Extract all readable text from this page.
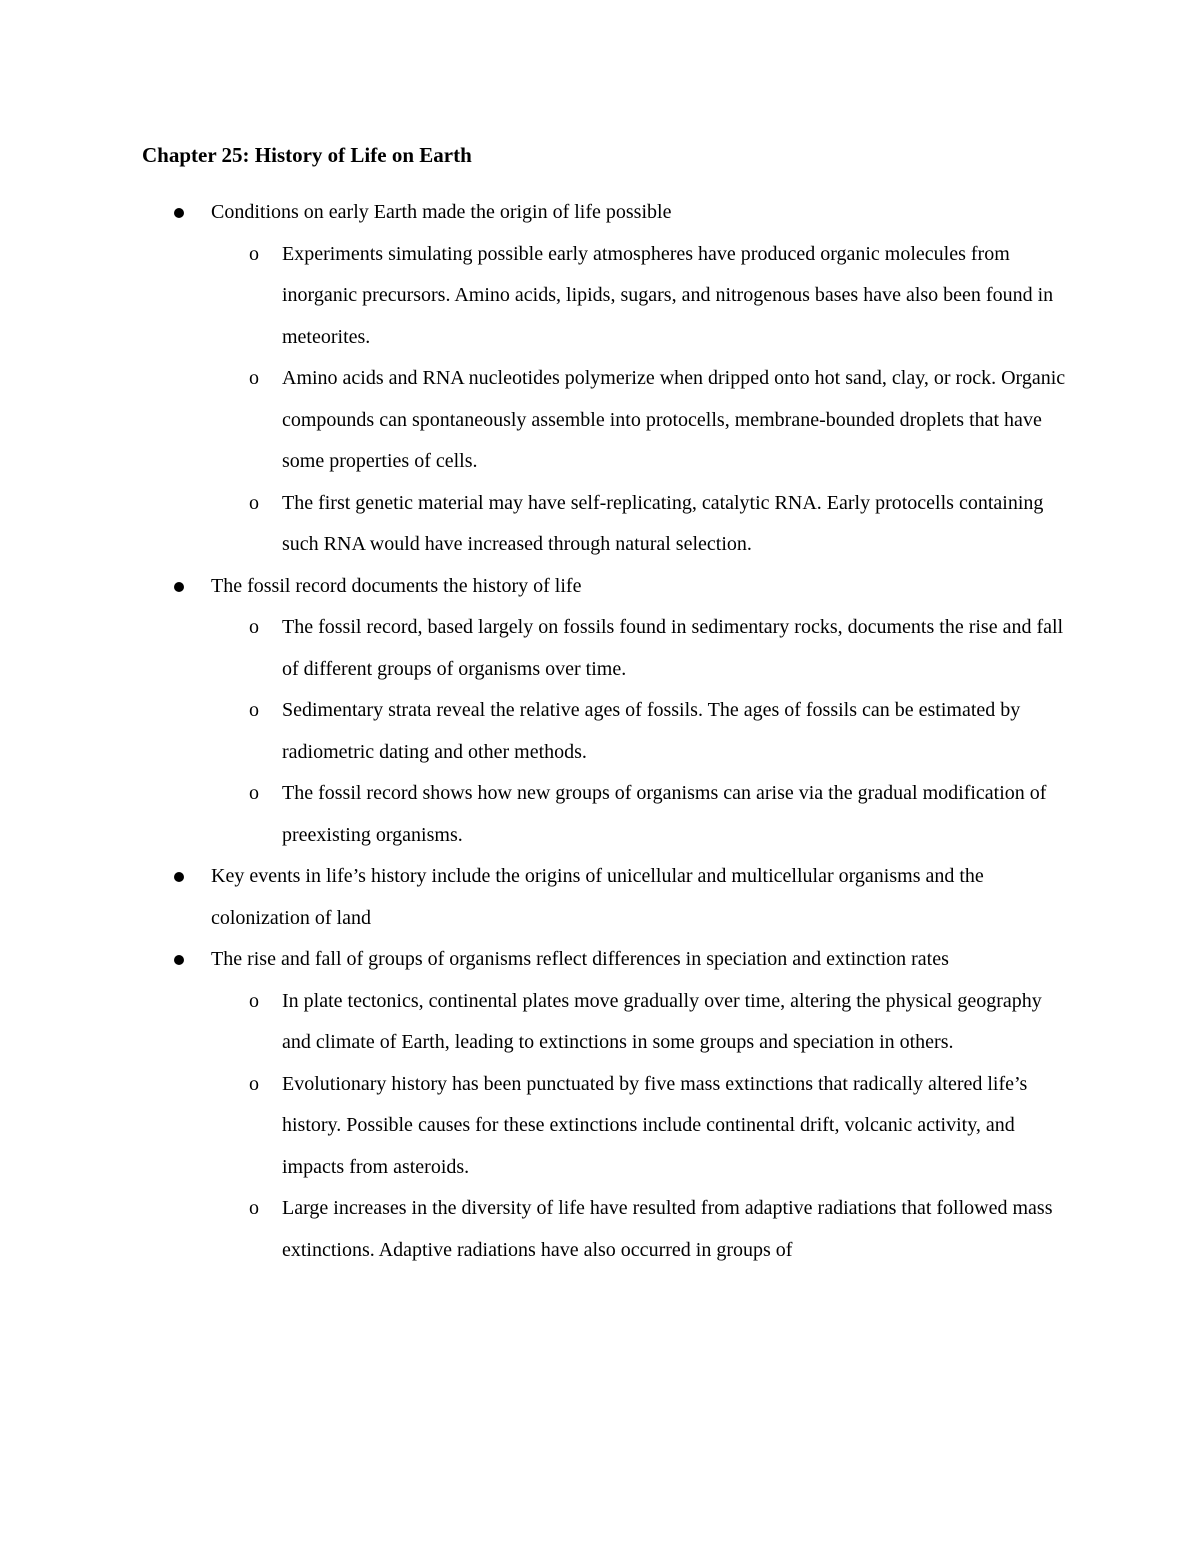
Chapter 25: History of Life on Earth
Conditions on early Earth made the origin of life possible
o Experiments simulating possible early atmospheres have produced organic molecules from inorganic precursors. Amino acids, lipids, sugars, and nitrogenous bases have also been found in meteorites.
o Amino acids and RNA nucleotides polymerize when dripped onto hot sand, clay, or rock. Organic compounds can spontaneously assemble into protocells, membrane-bounded droplets that have some properties of cells.
o The first genetic material may have self-replicating, catalytic RNA. Early protocells containing such RNA would have increased through natural selection.
The fossil record documents the history of life
o The fossil record, based largely on fossils found in sedimentary rocks, documents the rise and fall of different groups of organisms over time.
o Sedimentary strata reveal the relative ages of fossils. The ages of fossils can be estimated by radiometric dating and other methods.
o The fossil record shows how new groups of organisms can arise via the gradual modification of preexisting organisms.
Key events in life’s history include the origins of unicellular and multicellular organisms and the colonization of land
The rise and fall of groups of organisms reflect differences in speciation and extinction rates
o In plate tectonics, continental plates move gradually over time, altering the physical geography and climate of Earth, leading to extinctions in some groups and speciation in others.
o Evolutionary history has been punctuated by five mass extinctions that radically altered life’s history. Possible causes for these extinctions include continental drift, volcanic activity, and impacts from asteroids.
o Large increases in the diversity of life have resulted from adaptive radiations that followed mass extinctions. Adaptive radiations have also occurred in groups of
